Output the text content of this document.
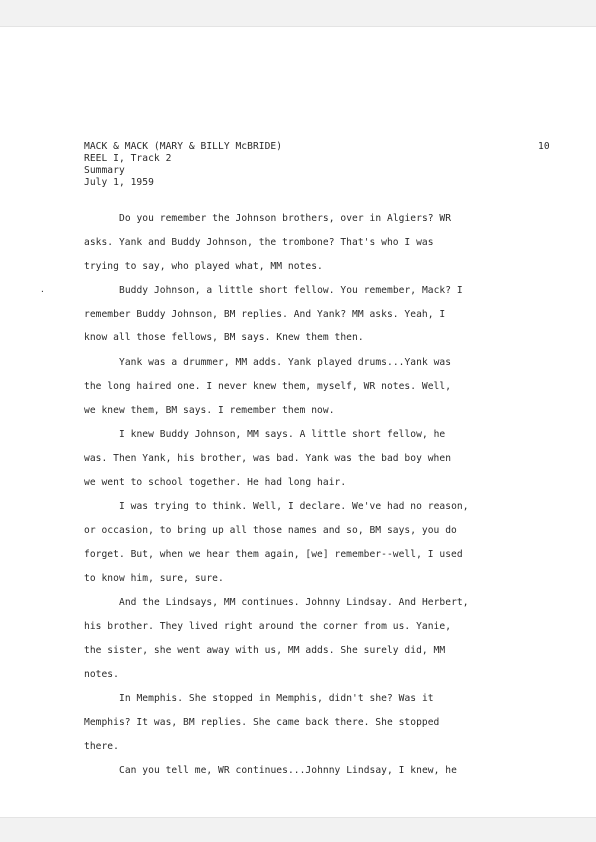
MACK & MACK (MARY & BILLY McBRIDE)	10
REEL I, Track 2
Summary
July 1, 1959
.
Do you remember the Johnson brothers, over in Algiers? WR
asks. Yank and Buddy Johnson, the trombone? That's who I was
trying to say, who played what, MM notes.
Buddy Johnson, a little short fellow. You remember, Mack? I
remember Buddy Johnson, BM replies. And Yank? MM asks. Yeah, I
know all those fellows, BM says. Knew them then.
Yank was a drummer, MM adds. Yank played drums...Yank was
the long haired one. I never knew them, myself, WR notes. Well,
we knew them, BM says. I remember them now.
I knew Buddy Johnson, MM says. A little short fellow, he
was. Then Yank, his brother, was bad. Yank was the bad boy when
we went to school together. He had long hair.
I was trying to think. Well, I declare. We've had no reason,
or occasion, to bring up all those names and so, BM says, you do
forget. But, when we hear them again, [we] remember--well, I used
to know him, sure, sure.
And the Lindsays, MM continues. Johnny Lindsay. And Herbert,
his brother. They lived right around the corner from us. Yanie,
the sister, she went away with us, MM adds. She surely did, MM
notes.
In Memphis. She stopped in Memphis, didn't she? Was it
Memphis? It was, BM replies. She came back there. She stopped
there.
Can you tell me, WR continues...Johnny Lindsay, I knew, he
